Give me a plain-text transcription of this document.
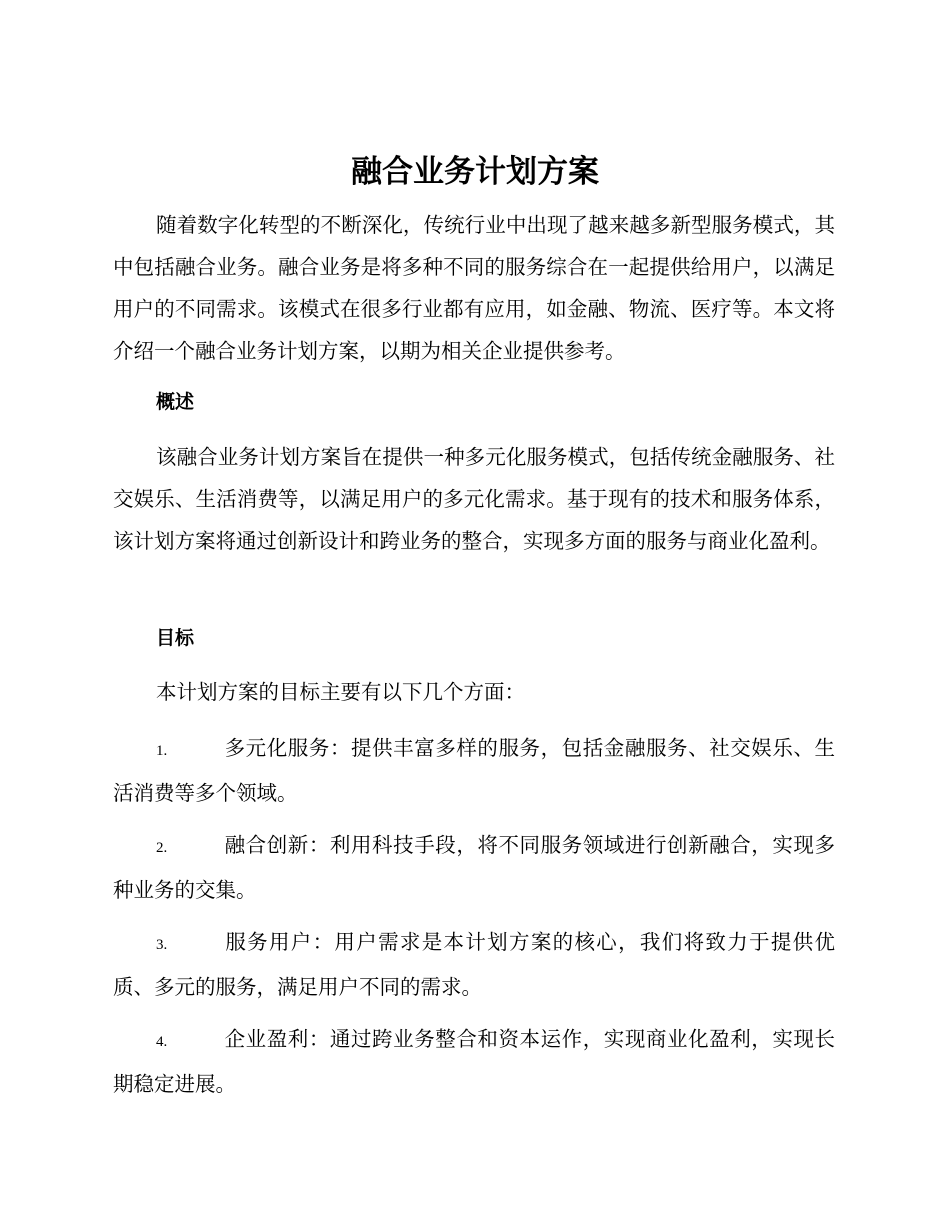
融合业务计划方案

随着数字化转型的不断深化，传统行业中出现了越来越多新型服务模式，其中包括融合业务。融合业务是将多种不同的服务综合在一起提供给用户，以满足用户的不同需求。该模式在很多行业都有应用，如金融、物流、医疗等。本文将介绍一个融合业务计划方案，以期为相关企业提供参考。

概述

该融合业务计划方案旨在提供一种多元化服务模式，包括传统金融服务、社交娱乐、生活消费等，以满足用户的多元化需求。基于现有的技术和服务体系，该计划方案将通过创新设计和跨业务的整合，实现多方面的服务与商业化盈利。

目标

本计划方案的目标主要有以下几个方面：

1.	多元化服务：提供丰富多样的服务，包括金融服务、社交娱乐、生活消费等多个领域。

2.	融合创新：利用科技手段，将不同服务领域进行创新融合，实现多种业务的交集。

3.	服务用户：用户需求是本计划方案的核心，我们将致力于提供优质、多元的服务，满足用户不同的需求。

4.	企业盈利：通过跨业务整合和资本运作，实现商业化盈利，实现长期稳定进展。
